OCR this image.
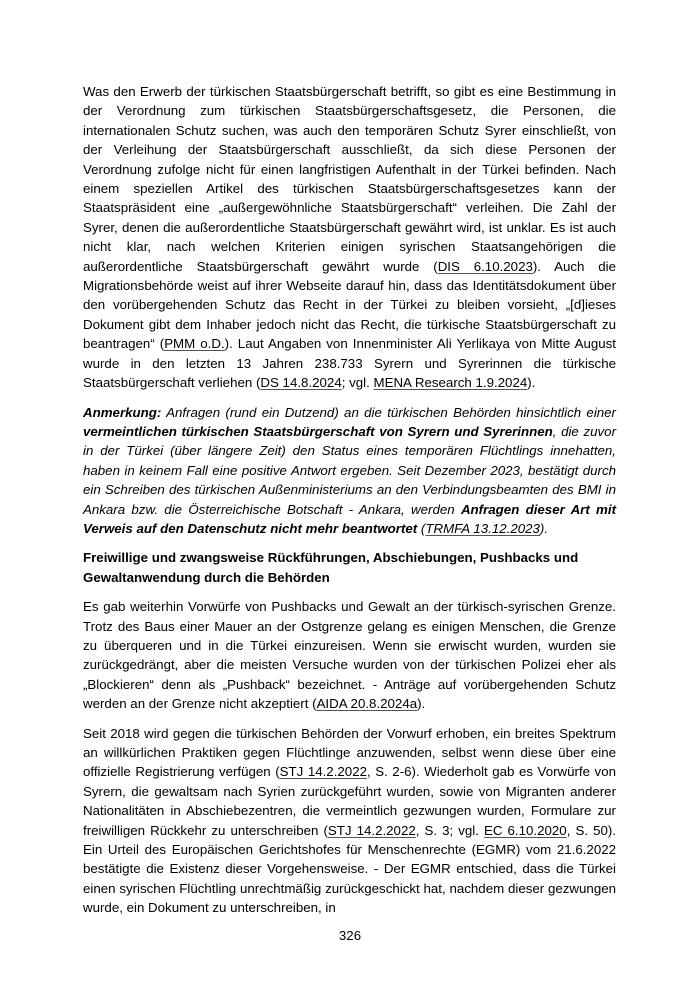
Was den Erwerb der türkischen Staatsbürgerschaft betrifft, so gibt es eine Bestimmung in der Verordnung zum türkischen Staatsbürgerschaftsgesetz, die Personen, die internationalen Schutz suchen, was auch den temporären Schutz Syrer einschließt, von der Verleihung der Staatsbürgerschaft ausschließt, da sich diese Personen der Verordnung zufolge nicht für einen langfristigen Aufenthalt in der Türkei befinden. Nach einem speziellen Artikel des türkischen Staatsbürgerschaftsgesetzes kann der Staatspräsident eine „außergewöhnliche Staatsbürgerschaft“ verleihen. Die Zahl der Syrer, denen die außerordentliche Staatsbürgerschaft gewährt wird, ist unklar. Es ist auch nicht klar, nach welchen Kriterien einigen syrischen Staatsangehörigen die außerordentliche Staatsbürgerschaft gewährt wurde (DIS 6.10.2023). Auch die Migrationsbehörde weist auf ihrer Webseite darauf hin, dass das Identitätsdokument über den vorübergehenden Schutz das Recht in der Türkei zu bleiben vorsieht, „[d]ieses Dokument gibt dem Inhaber jedoch nicht das Recht, die türkische Staatsbürgerschaft zu beantragen“ (PMM o.D.). Laut Angaben von Innenminister Ali Yerlikaya von Mitte August wurde in den letzten 13 Jahren 238.733 Syrern und Syrerinnen die türkische Staatsbürgerschaft verliehen (DS 14.8.2024; vgl. MENA Research 1.9.2024).

Anmerkung: Anfragen (rund ein Dutzend) an die türkischen Behörden hinsichtlich einer vermeintlichen türkischen Staatsbürgerschaft von Syrern und Syrerinnen, die zuvor in der Türkei (über längere Zeit) den Status eines temporären Flüchtlings innehatten, haben in keinem Fall eine positive Antwort ergeben. Seit Dezember 2023, bestätigt durch ein Schreiben des türkischen Außenministeriums an den Verbindungsbeamten des BMI in Ankara bzw. die Österreichische Botschaft - Ankara, werden Anfragen dieser Art mit Verweis auf den Datenschutz nicht mehr beantwortet (TRMFA 13.12.2023).

Freiwillige und zwangsweise Rückführungen, Abschiebungen, Pushbacks und Gewaltanwendung durch die Behörden

Es gab weiterhin Vorwürfe von Pushbacks und Gewalt an der türkisch-syrischen Grenze. Trotz des Baus einer Mauer an der Ostgrenze gelang es einigen Menschen, die Grenze zu überqueren und in die Türkei einzureisen. Wenn sie erwischt wurden, wurden sie zurückgedrängt, aber die meisten Versuche wurden von der türkischen Polizei eher als „Blockieren“ denn als „Pushback“ bezeichnet. - Anträge auf vorübergehenden Schutz werden an der Grenze nicht akzeptiert (AIDA 20.8.2024a).

Seit 2018 wird gegen die türkischen Behörden der Vorwurf erhoben, ein breites Spektrum an willkürlichen Praktiken gegen Flüchtlinge anzuwenden, selbst wenn diese über eine offizielle Registrierung verfügen (STJ 14.2.2022, S. 2-6). Wiederholt gab es Vorwürfe von Syrern, die gewaltsam nach Syrien zurückgeführt wurden, sowie von Migranten anderer Nationalitäten in Abschiebezentren, die vermeintlich gezwungen wurden, Formulare zur freiwilligen Rückkehr zu unterschreiben (STJ 14.2.2022, S. 3; vgl. EC 6.10.2020, S. 50). Ein Urteil des Europäischen Gerichtshofes für Menschenrechte (EGMR) vom 21.6.2022 bestätigte die Existenz dieser Vorgehensweise. - Der EGMR entschied, dass die Türkei einen syrischen Flüchtling unrechtmäßig zurückgeschickt hat, nachdem dieser gezwungen wurde, ein Dokument zu unterschreiben, in

326
